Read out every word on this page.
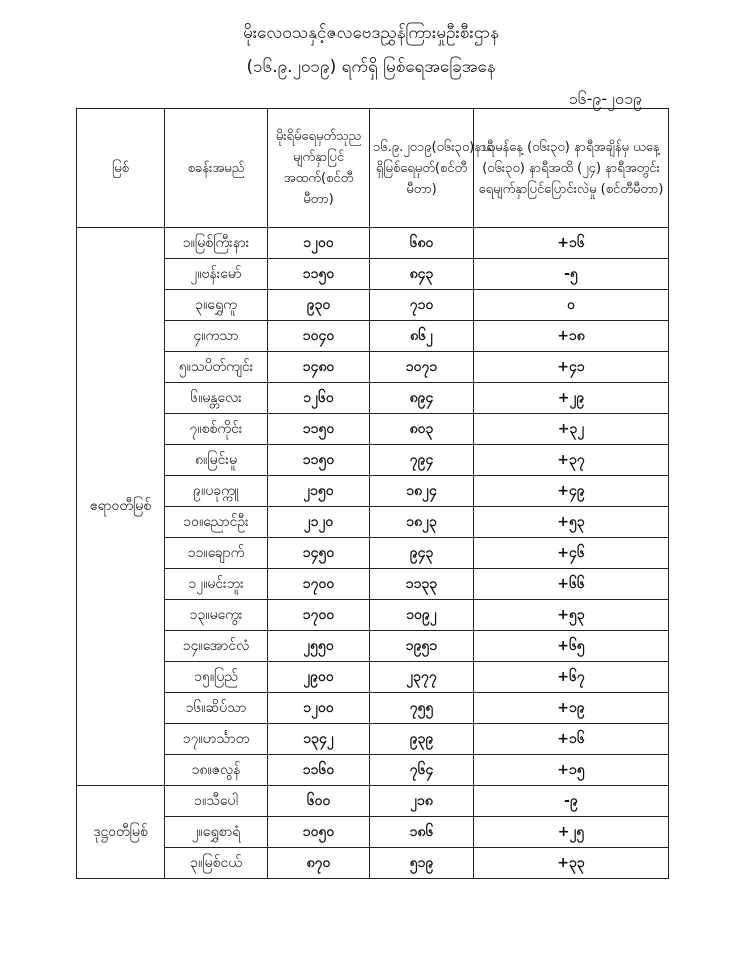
မိုးလေဝသနှင့်ဇလဗေဒညွှန်ကြားမှုဦးစီးဌာန
(၁၆.၉.၂၀၁၉) ရက်ရှိ မြစ်ရေအခြေအနေ
၁၆-၉-၂၀၁၉
မြစ်	စခန်းအမည်	မိုးရိမ်ရေမှတ်သုညမျက်နှာပြင်အထက်(စင်တီမီတာ)	၁၆.၉.၂၀၁၉(၀၆း၃၀)နာရီရှိမြစ်ရေမှတ်(စင်တီမီတာ)	ယမန်နေ့ (၀၆း၃၀) နာရီအချိန်မှ ယနေ့ (၀၆း၃၀) နာရီအထိ (၂၄) နာရီအတွင်း ရေမျက်နှာပြင်ပြောင်းလဲမှု (စင်တီမီတာ)
ဧရာဝတီမြစ်	၁။မြစ်ကြီးနား	၁၂၀၀	၆၈၀	+၁၆
	၂။ဗန်းမော်	၁၁၅၀	၈၄၃	-၅
	၃။ရွှေကူ	၉၃၀	၇၁၀	၀
	၄။ကသာ	၁၀၄၀	၈၆၂	+၁၈
	၅။သပိတ်ကျင်း	၁၄၈၀	၁၀၇၁	+၄၁
	၆။မန္တလေး	၁၂၆၀	၈၉၄	+၂၉
	၇။စစ်ကိုင်း	၁၁၅၀	၈၀၃	+၃၂
	၈။မြင်းမူ	၁၁၅၀	၇၉၄	+၃၇
	၉။ပခုက္ကူ	၂၁၅၀	၁၈၂၄	+၄၉
	၁၀။ညောင်ဦး	၂၁၂၀	၁၈၂၃	+၅၃
	၁၁။ချောက်	၁၄၅၀	၉၄၃	+၄၆
	၁၂။မင်းဘူး	၁၇၀၀	၁၁၃၃	+၆၆
	၁၃။မကွေး	၁၇၀၀	၁၀၉၂	+၅၃
	၁၄။အောင်လံ	၂၅၅၀	၁၉၅၁	+၆၅
	၁၅။ပြည်	၂၉၀၀	၂၃၇၇	+၆၇
	၁၆။ဆိပ်သာ	၁၂၀၀	၇၅၅	+၁၉
	၁၇။ဟင်္သာတ	၁၃၄၂	၉၃၉	+၁၆
	၁၈။ဇလွန်	၁၁၆၀	၇၆၄	+၁၅
ဒုဋ္ဌဝတီမြစ်	၁။သီပေါ	၆၀၀	၂၁၈	-၉
	၂။ရွှေစာရံ	၁၀၅၀	၁၈၆	+၂၅
	၃။မြစ်ငယ်	၈၇၀	၅၁၉	+၃၃
